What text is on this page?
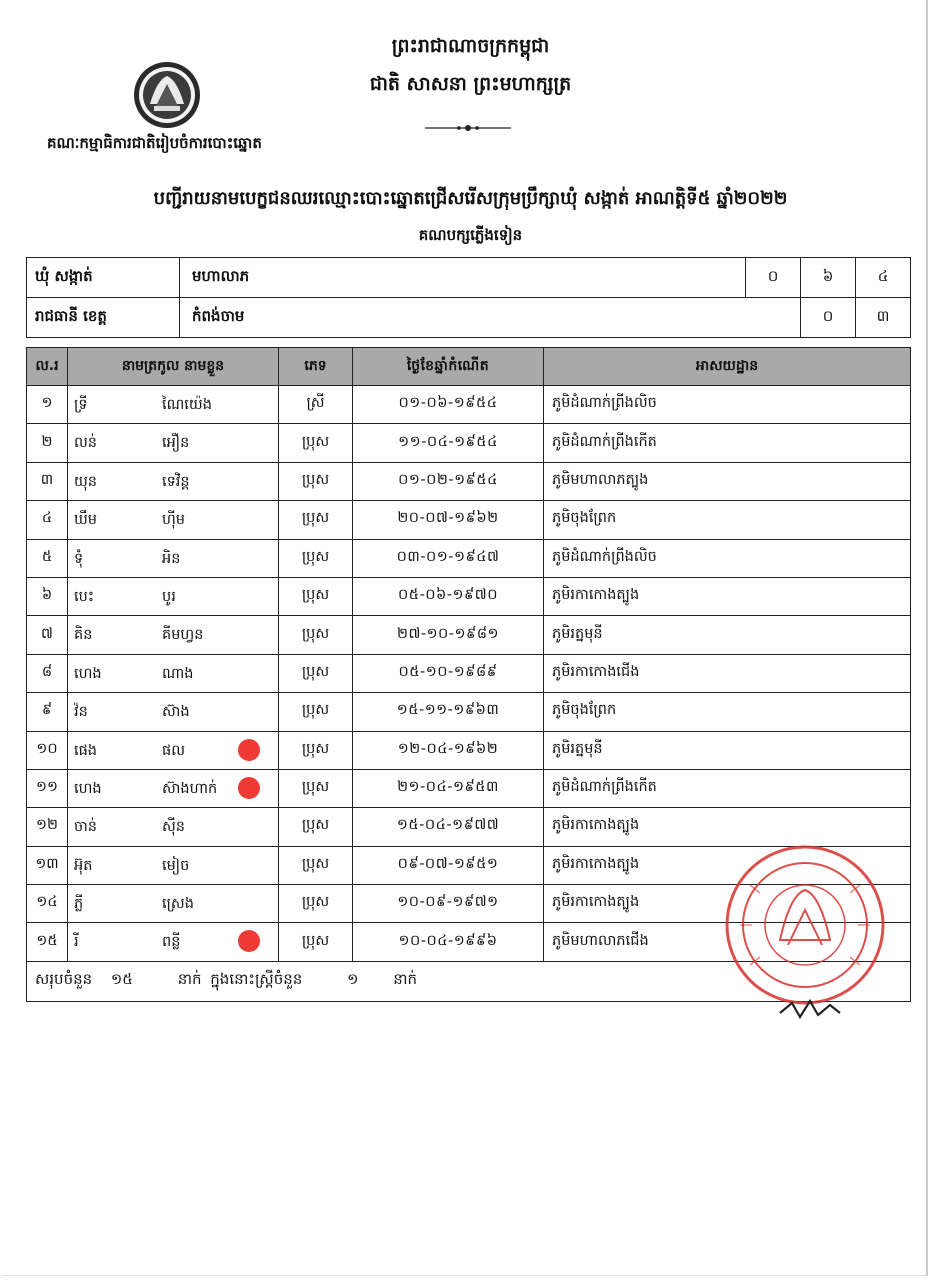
ព្រះរាជាណាចក្រកម្ពុជា
ជាតិ សាសនា ព្រះមហាក្សត្រ
គណៈកម្មាធិការជាតិរៀបចំការបោះឆ្នោត
បញ្ជីរាយនាមបេក្ខជនឈរឈ្មោះបោះឆ្នោតជ្រើសរើសក្រុមប្រឹក្សាឃុំ សង្កាត់ អាណត្តិទី៥ ឆ្នាំ២០២២
គណបក្សភ្លើងទៀន
ឃុំ សង្កាត់	មហាលាភ	០	៦	៤
រាជធានី ខេត្ត	កំពង់ចាម		០	៣
ល.រ	នាមត្រកូល នាមខ្លួន	ភេទ	ថ្ងៃខែឆ្នាំកំណើត	អាសយដ្ឋាន
១	ទ្រី ណៃយ៉េង	ស្រី	០១-០៦-១៩៥៤	ភូមិដំណាក់ព្រីងលិច
២	លន់ អឿន	ប្រុស	១១-០៤-១៩៥៤	ភូមិដំណាក់ព្រីងកើត
៣	យុន ទេវិន្ត	ប្រុស	០១-០២-១៩៥៤	ភូមិមហាលាភត្បូង
៤	ឃឹម ហ៊ីម	ប្រុស	២០-០៧-១៩៦២	ភូមិចុងព្រែក
៥	ទុំ អិន	ប្រុស	០៣-០១-១៩៤៧	ភូមិដំណាក់ព្រីងលិច
៦	បេះ បូរ	ប្រុស	០៥-០៦-១៩៧០	ភូមិរកាកោងត្បូង
៧	គិន គីមហ្វន	ប្រុស	២៧-១០-១៩៨១	ភូមិរត្នមុនី
៨	ហេង ណាង	ប្រុស	០៥-១០-១៩៨៩	ភូមិរកាកោងជើង
៩	វ៉ន ស៊ាង	ប្រុស	១៥-១១-១៩៦៣	ភូមិចុងព្រែក
១០	ផេង ផល	ប្រុស	១២-០៤-១៩៦២	ភូមិរត្នមុនី
១១	ហេង ស៊ាងហាក់	ប្រុស	២១-០៤-១៩៥៣	ភូមិដំណាក់ព្រីងកើត
១២	ចាន់ ស៊ីន	ប្រុស	១៥-០៤-១៩៧៧	ភូមិរកាកោងត្បូង
១៣	អ៊ុត មៀច	ប្រុស	០៩-០៧-១៩៥១	ភូមិរកាកោងត្បូង
១៤	ភ្លី ស្រេង	ប្រុស	១០-០៩-១៩៧១	ភូមិរកាកោងត្បូង
១៥	រី ពន្លី	ប្រុស	១០-០៤-១៩៩៦	ភូមិមហាលាភជើង
សរុបចំនួន ១៥ នាក់ ក្នុងនោះស្ត្រីចំនួន ១ នាក់				
